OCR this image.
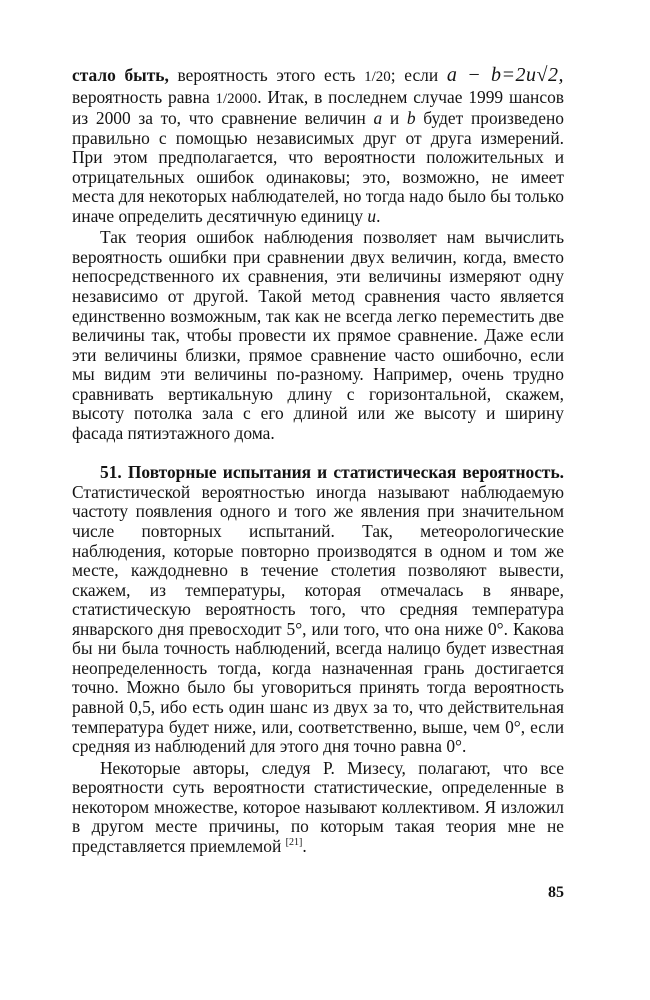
стало быть, вероятность этого есть 1/20; если a − b=2u√2, вероятность равна 1/2000. Итак, в последнем случае 1999 шансов из 2000 за то, что сравнение величин a и b будет произведено правильно с помощью независимых друг от друга измерений. При этом предполагается, что вероятности положительных и отрицательных ошибок одинаковы; это, возможно, не имеет места для некоторых наблюдателей, но тогда надо было бы только иначе определить десятичную единицу u.

Так теория ошибок наблюдения позволяет нам вычислить вероятность ошибки при сравнении двух величин, когда, вместо непосредственного их сравнения, эти величины измеряют одну независимо от другой. Такой метод сравнения часто является единственно возможным, так как не всегда легко переместить две величины так, чтобы провести их прямое сравнение. Даже если эти величины близки, прямое сравнение часто ошибочно, если мы видим эти величины по-разному. Например, очень трудно сравнивать вертикальную длину с горизонтальной, скажем, высоту потолка зала с его длиной или же высоту и ширину фасада пятиэтажного дома.

51. Повторные испытания и статистическая вероятность. Статистической вероятностью иногда называют наблюдаемую частоту появления одного и того же явления при значительном числе повторных испытаний. Так, метеорологические наблюдения, которые повторно производятся в одном и том же месте, каждодневно в течение столетия позволяют вывести, скажем, из температуры, которая отмечалась в январе, статистическую вероятность того, что средняя температура январского дня превосходит 5°, или того, что она ниже 0°. Какова бы ни была точность наблюдений, всегда налицо будет известная неопределенность тогда, когда назначенная грань достигается точно. Можно было бы уговориться принять тогда вероятность равной 0,5, ибо есть один шанс из двух за то, что действительная температура будет ниже, или, соответственно, выше, чем 0°, если средняя из наблюдений для этого дня точно равна 0°.

Некоторые авторы, следуя Р. Мизесу, полагают, что все вероятности суть вероятности статистические, определенные в некотором множестве, которое называют коллективом. Я изложил в другом месте причины, по которым такая теория мне не представляется приемлемой [21].

85
